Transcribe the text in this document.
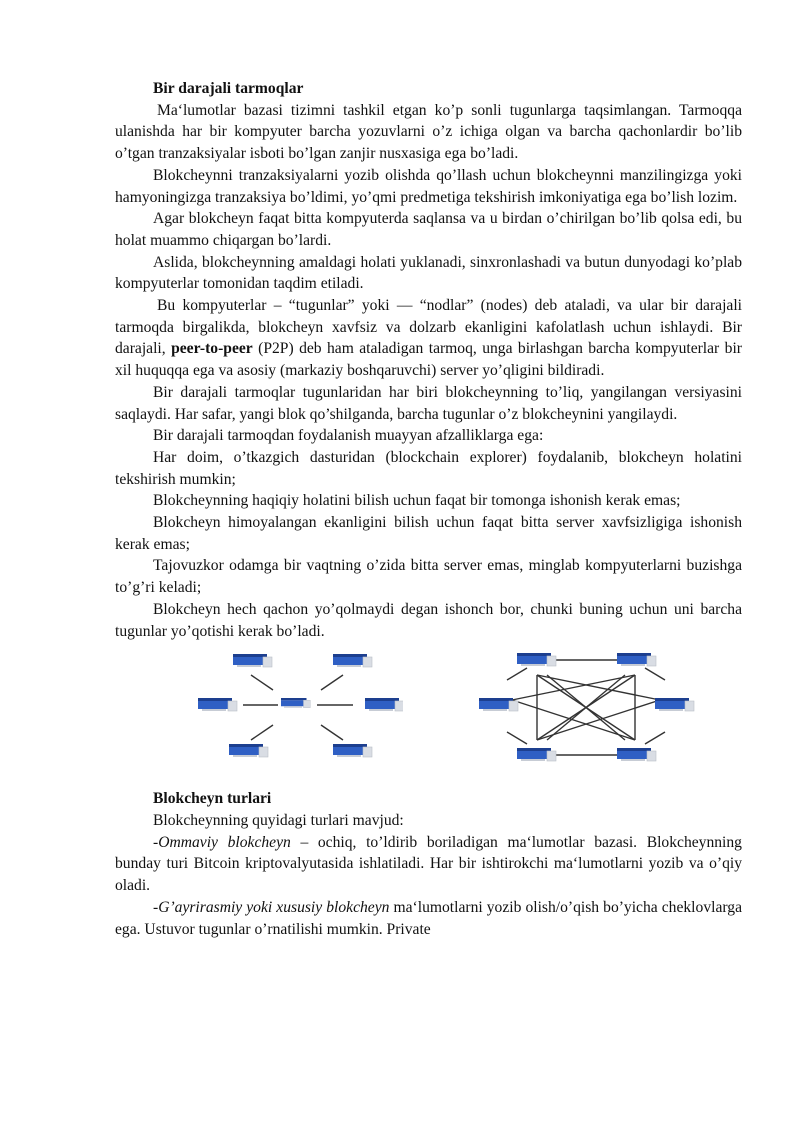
Bir darajali tarmoqlar

Ma‘lumotlar bazasi tizimni tashkil etgan ko’p sonli tugunlarga taqsimlangan. Tarmoqqa ulanishda har bir kompyuter barcha yozuvlarni o’z ichiga olgan va barcha qachonlardir bo’lib o’tgan tranzaksiyalar isboti bo’lgan zanjir nusxasiga ega bo’ladi.

Blokcheynni tranzaksiyalarni yozib olishda qo’llash uchun blokcheynni manzilingizga yoki hamyoningizga tranzaksiya bo’ldimi, yo’qmi predmetiga tekshirish imkoniyatiga ega bo’lish lozim.

Agar blokcheyn faqat bitta kompyuterda saqlansa va u birdan o’chirilgan bo’lib qolsa edi, bu holat muammo chiqargan bo’lardi.

Aslida, blokcheynning amaldagi holati yuklanadi, sinxronlashadi va butun dunyodagi ko’plab kompyuterlar tomonidan taqdim etiladi.

Bu kompyuterlar – “tugunlar” yoki — “nodlar” (nodes) deb ataladi, va ular bir darajali tarmoqda birgalikda, blokcheyn xavfsiz va dolzarb ekanligini kafolatlash uchun ishlaydi. Bir darajali, peer-to-peer (P2P) deb ham ataladigan tarmoq, unga birlashgan barcha kompyuterlar bir xil huquqqa ega va asosiy (markaziy boshqaruvchi) server yo’qligini bildiradi.

Bir darajali tarmoqlar tugunlaridan har biri blokcheynning to’liq, yangilangan versiyasini saqlaydi. Har safar, yangi blok qo’shilganda, barcha tugunlar o’z blokcheynini yangilaydi.

Bir darajali tarmoqdan foydalanish muayyan afzalliklarga ega:

Har doim, o’tkazgich dasturidan (blockchain explorer) foydalanib, blokcheyn holatini tekshirish mumkin;

Blokcheynning haqiqiy holatini bilish uchun faqat bir tomonga ishonish kerak emas;

Blokcheyn himoyalangan ekanligini bilish uchun faqat bitta server xavfsizligiga ishonish kerak emas;

Tajovuzkor odamga bir vaqtning o’zida bitta server emas, minglab kompyuterlarni buzishga to’g’ri keladi;

Blokcheyn hech qachon yo’qolmaydi degan ishonch bor, chunki buning uchun uni barcha tugunlar yo’qotishi kerak bo’ladi.

Blokcheyn turlari

Blokcheynning quyidagi turlari mavjud:

-Ommaviy blokcheyn – ochiq, to’ldirib boriladigan ma‘lumotlar bazasi. Blokcheynning bunday turi Bitcoin kriptovalyutasida ishlatiladi. Har bir ishtirokchi ma‘lumotlarni yozib va o’qiy oladi.

-G’ayrirasmiy yoki xususiy blokcheyn ma‘lumotlarni yozib olish/o’qish bo’yicha cheklovlarga ega. Ustuvor tugunlar o’rnatilishi mumkin. Private
